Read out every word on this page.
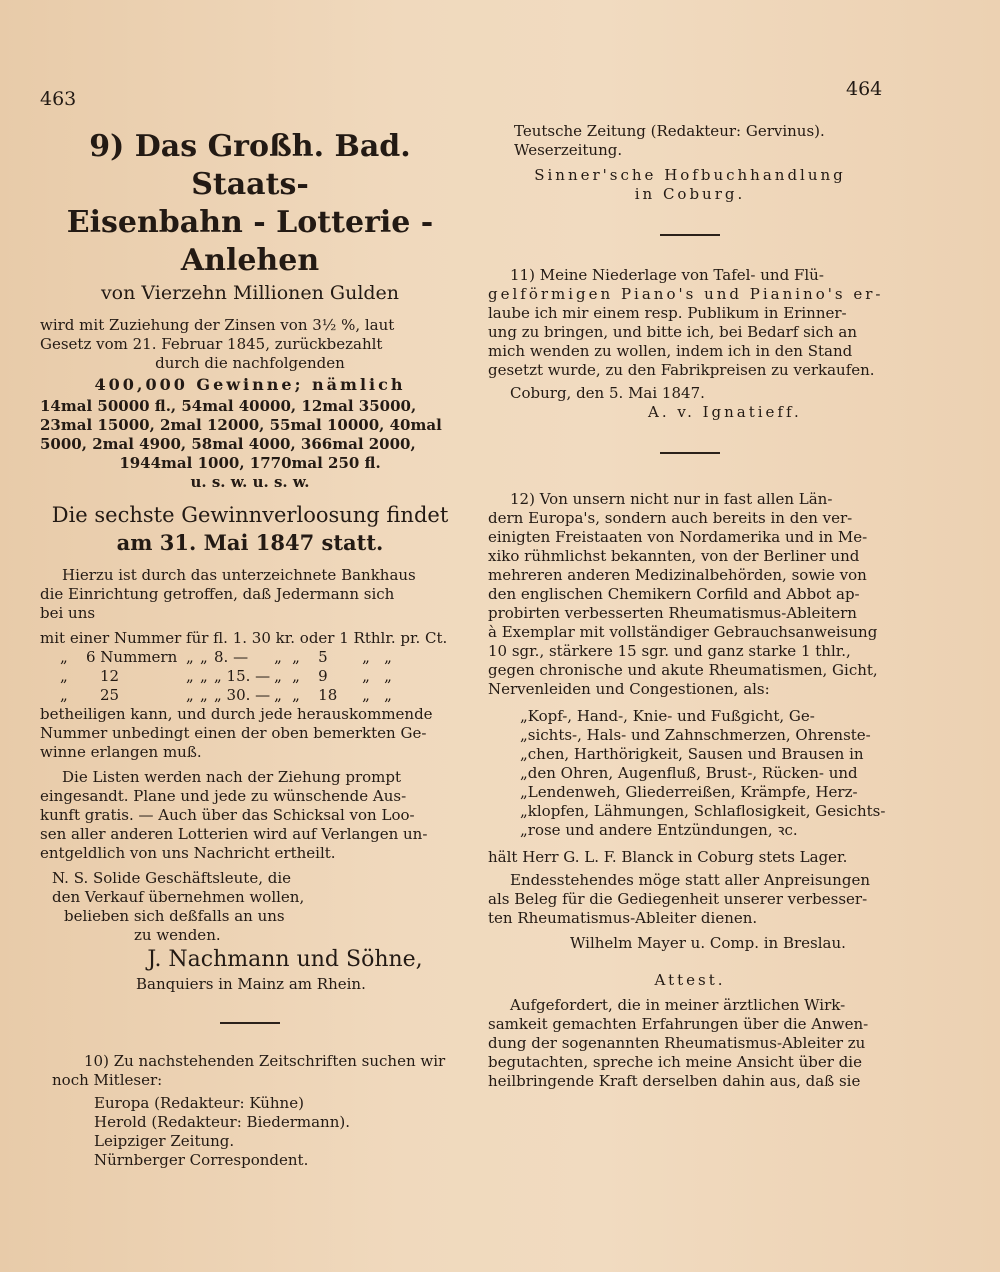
463	464
9) Das Großh. Bad. Staats-
Eisenbahn - Lotterie - Anlehen
von Vierzehn Millionen Gulden
wird mit Zuziehung der Zinsen von 3½ %, laut
Gesetz vom 21. Februar 1845, zurückbezahlt
durch die nachfolgenden
400,000 Gewinne; nämlich
14mal 50000 fl., 54mal 40000, 12mal 35000,
23mal 15000, 2mal 12000, 55mal 10000, 40mal
5000, 2mal 4900, 58mal 4000, 366mal 2000,
1944mal 1000, 1770mal 250 fl.
u. s. w. u. s. w.
Die sechste Gewinnverloosung findet
am 31. Mai 1847 statt.
Hierzu ist durch das unterzeichnete Bankhaus
die Einrichtung getroffen, daß Jedermann sich
bei uns
mit einer Nummer für fl. 1. 30 kr. oder 1 Rthlr. pr. Ct.
„	6 Nummern	„	„	8. —	„	„	5	„	„
„	12	„	„	„ 15. —	„	„	9	„	„
„	25	„	„	„ 30. —	„	„	18	„	„
betheiligen kann, und durch jede herauskommende
Nummer unbedingt einen der oben bemerkten Ge-
winne erlangen muß.
Die Listen werden nach der Ziehung prompt
eingesandt. Plane und jede zu wünschende Aus-
kunft gratis. — Auch über das Schicksal von Loo-
sen aller anderen Lotterien wird auf Verlangen un-
entgeldlich von uns Nachricht ertheilt.
N. S. Solide Geschäftsleute, die
den Verkauf übernehmen wollen,
belieben sich deßfalls an uns
zu wenden.
J. Nachmann und Söhne,
Banquiers in Mainz am Rhein.
10) Zu nachstehenden Zeitschriften suchen wir
noch Mitleser:
Europa (Redakteur: Kühne)
Herold (Redakteur: Biedermann).
Leipziger Zeitung.
Nürnberger Correspondent.
Teutsche Zeitung (Redakteur: Gervinus).
Weserzeitung.
Sinner'sche Hofbuchhandlung
in Coburg.
11) Meine Niederlage von Tafel- und Flü-
gelförmigen Piano's und Pianino's er-
laube ich mir einem resp. Publikum in Erinner-
ung zu bringen, und bitte ich, bei Bedarf sich an
mich wenden zu wollen, indem ich in den Stand
gesetzt wurde, zu den Fabrikpreisen zu verkaufen.
Coburg, den 5. Mai 1847.
A. v. Ignatieff.
12) Von unsern nicht nur in fast allen Län-
dern Europa's, sondern auch bereits in den ver-
einigten Freistaaten von Nordamerika und in Me-
xiko rühmlichst bekannten, von der Berliner und
mehreren anderen Medizinalbehörden, sowie von
den englischen Chemikern Corfild and Abbot ap-
probirten verbesserten Rheumatismus-Ableitern
à Exemplar mit vollständiger Gebrauchsanweisung
10 sgr., stärkere 15 sgr. und ganz starke 1 thlr.,
gegen chronische und akute Rheumatismen, Gicht,
Nervenleiden und Congestionen, als:
„Kopf-, Hand-, Knie- und Fußgicht, Ge-
„sichts-, Hals- und Zahnschmerzen, Ohrenste-
„chen, Harthörigkeit, Sausen und Brausen in
„den Ohren, Augenfluß, Brust-, Rücken- und
„Lendenweh, Gliederreißen, Krämpfe, Herz-
„klopfen, Lähmungen, Schlaflosigkeit, Gesichts-
„rose und andere Entzündungen, ꝛc.
hält Herr G. L. F. Blanck in Coburg stets Lager.
Endesstehendes möge statt aller Anpreisungen
als Beleg für die Gediegenheit unserer verbesser-
ten Rheumatismus-Ableiter dienen.
Wilhelm Mayer u. Comp. in Breslau.
Attest.
Aufgefordert, die in meiner ärztlichen Wirk-
samkeit gemachten Erfahrungen über die Anwen-
dung der sogenannten Rheumatismus-Ableiter zu
begutachten, spreche ich meine Ansicht über die
heilbringende Kraft derselben dahin aus, daß sie
